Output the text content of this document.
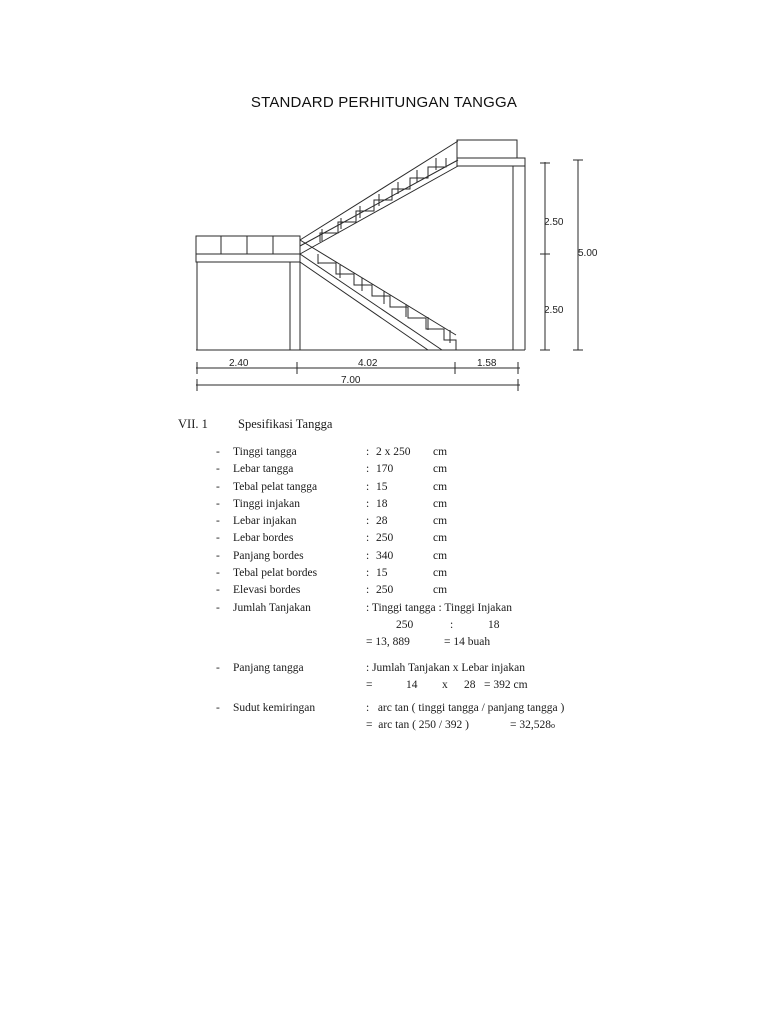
STANDARD PERHITUNGAN TANGGA
2.40	4.02	1.58
7.00
2.50
2.50
5.00
VII. 1	Spesifikasi Tangga
-	Tinggi tangga	: 2 x 250	cm
-	Lebar tangga	: 170	cm
-	Tebal pelat tangga	: 15	cm
-	Tinggi injakan	: 18	cm
-	Lebar injakan	: 28	cm
-	Lebar bordes	: 250	cm
-	Panjang bordes	: 340	cm
-	Tebal pelat bordes	: 15	cm
-	Elevasi bordes	: 250	cm
-	Jumlah Tanjakan	: Tinggi tangga : Tinggi Injakan
250	:	18
= 13, 889	= 14 buah
-	Panjang tangga	: Jumlah Tanjakan x Lebar injakan
=	14	x	28 = 392 cm
-	Sudut kemiringan	:   arc tan ( tinggi tangga / panjang tangga )
=  arc tan ( 250 / 392 )	= 32,528 o
